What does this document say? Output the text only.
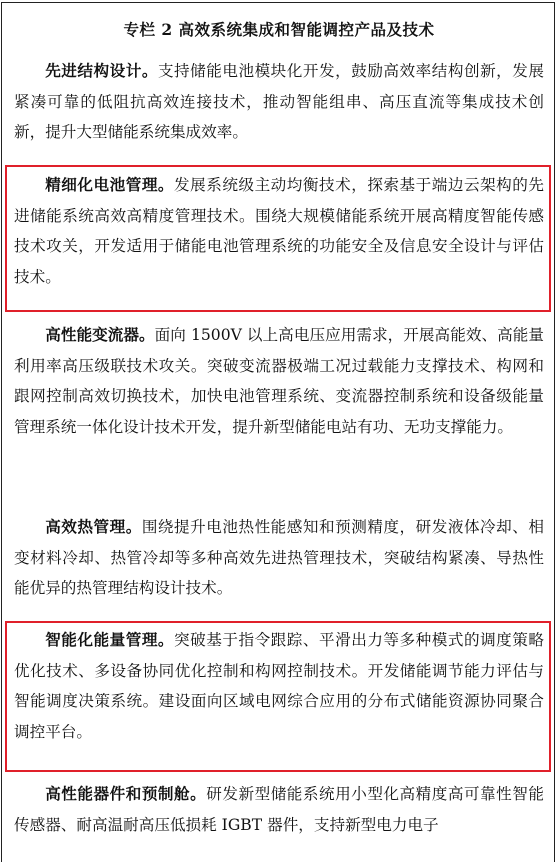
专栏 2 高效系统集成和智能调控产品及技术
先进结构设计。支持储能电池模块化开发，鼓励高效率结构创新，发展紧凑可靠的低阻抗高效连接技术，推动智能组串、高压直流等集成技术创新，提升大型储能系统集成效率。
精细化电池管理。发展系统级主动均衡技术，探索基于端边云架构的先进储能系统高效高精度管理技术。围绕大规模储能系统开展高精度智能传感技术攻关，开发适用于储能电池管理系统的功能安全及信息安全设计与评估技术。
高性能变流器。面向 1500V 以上高电压应用需求，开展高能效、高能量利用率高压级联技术攻关。突破变流器极端工况过载能力支撑技术、构网和跟网控制高效切换技术，加快电池管理系统、变流器控制系统和设备级能量管理系统一体化设计技术开发，提升新型储能电站有功、无功支撑能力。
高效热管理。围绕提升电池热性能感知和预测精度，研发液体冷却、相变材料冷却、热管冷却等多种高效先进热管理技术，突破结构紧凑、导热性能优异的热管理结构设计技术。
智能化能量管理。突破基于指令跟踪、平滑出力等多种模式的调度策略优化技术、多设备协同优化控制和构网控制技术。开发储能调节能力评估与智能调度决策系统。建设面向区域电网综合应用的分布式储能资源协同聚合调控平台。
高性能器件和预制舱。研发新型储能系统用小型化高精度高可靠性智能传感器、耐高温耐高压低损耗 IGBT 器件，支持新型电力电子
